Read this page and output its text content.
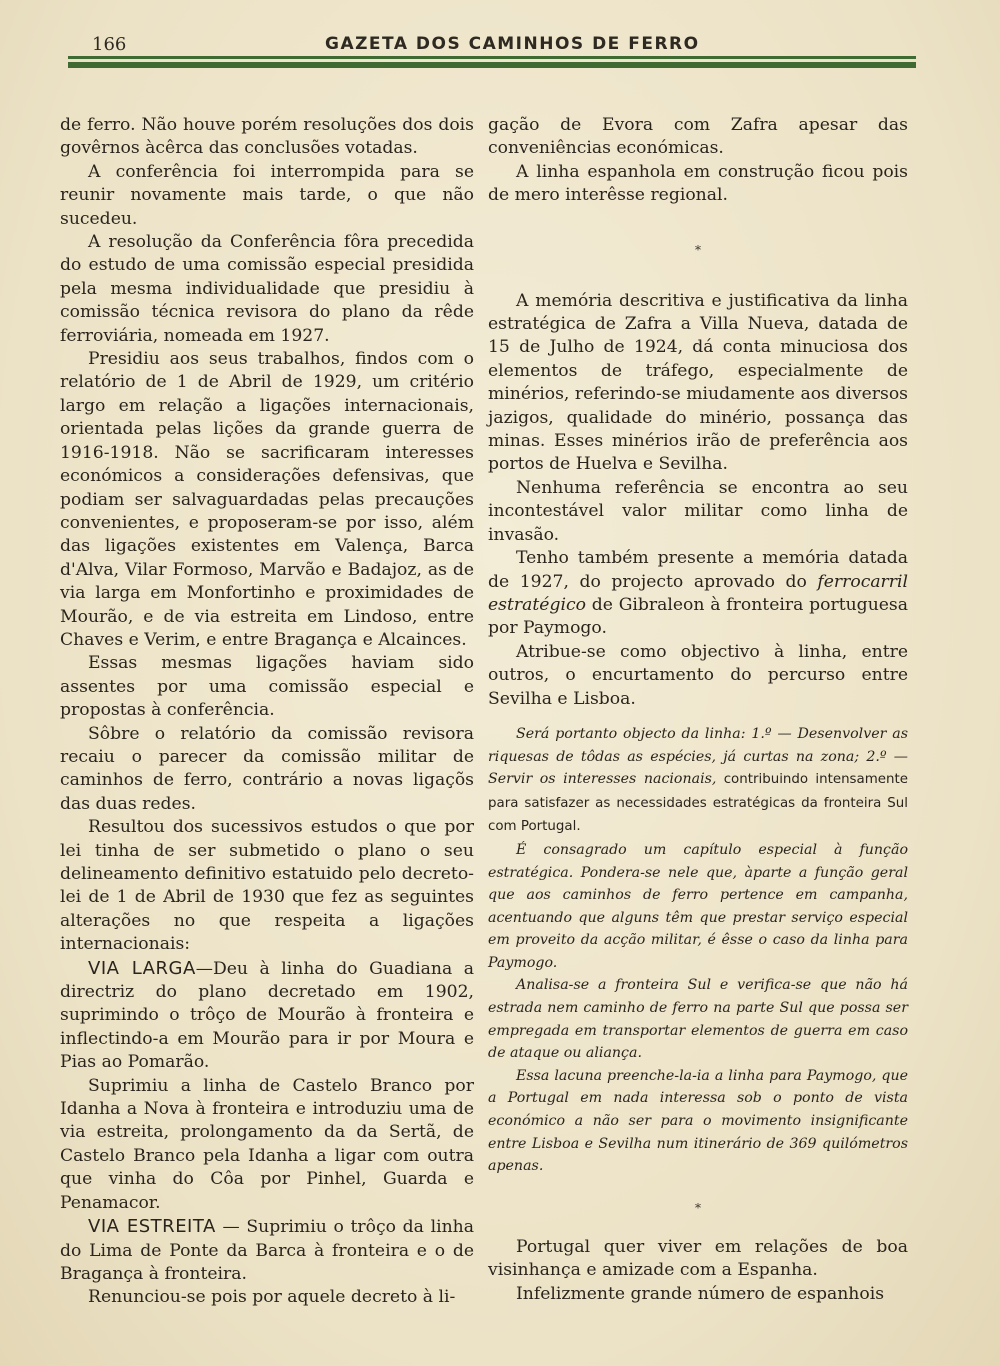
166	GAZETA DOS CAMINHOS DE FERRO

de ferro. Não houve porém resoluções dos dois govêrnos àcêrca das conclusões votadas.

A conferência foi interrompida para se reunir novamente mais tarde, o que não sucedeu.

A resolução da Conferência fôra precedida do estudo de uma comissão especial presidida pela mesma individualidade que presidiu à comissão técnica revisora do plano da rêde ferroviária, nomeada em 1927.

Presidiu aos seus trabalhos, findos com o relatório de 1 de Abril de 1929, um critério largo em relação a ligações internacionais, orientada pelas lições da grande guerra de 1916-1918. Não se sacrificaram interesses económicos a considerações defensivas, que podiam ser salvaguardadas pelas precauções convenientes, e proposeram-se por isso, além das ligações existentes em Valença, Barca d'Alva, Vilar Formoso, Marvão e Badajoz, as de via larga em Monfortinho e proximidades de Mourão, e de via estreita em Lindoso, entre Chaves e Verim, e entre Bragança e Alcainces.

Essas mesmas ligações haviam sido assentes por uma comissão especial e propostas à conferência.

Sôbre o relatório da comissão revisora recaiu o parecer da comissão militar de caminhos de ferro, contrário a novas ligaçõs das duas redes.

Resultou dos sucessivos estudos o que por lei tinha de ser submetido o plano o seu delineamento definitivo estatuido pelo decreto-lei de 1 de Abril de 1930 que fez as seguintes alterações no que respeita a ligações internacionais:

VIA LARGA—Deu à linha do Guadiana a directriz do plano decretado em 1902, suprimindo o trôço de Mourão à fronteira e inflectindo-a em Mourão para ir por Moura e Pias ao Pomarão.

Suprimiu a linha de Castelo Branco por Idanha a Nova à fronteira e introduziu uma de via estreita, prolongamento da da Sertã, de Castelo Branco pela Idanha a ligar com outra que vinha do Côa por Pinhel, Guarda e Penamacor.

VIA ESTREITA — Suprimiu o trôço da linha do Lima de Ponte da Barca à fronteira e o de Bragança à fronteira.

Renunciou-se pois por aquele decreto à li-

gação de Evora com Zafra apesar das conveniências económicas.

A linha espanhola em construção ficou pois de mero interêsse regional.

*

A memória descritiva e justificativa da linha estratégica de Zafra a Villa Nueva, datada de 15 de Julho de 1924, dá conta minuciosa dos elementos de tráfego, especialmente de minérios, referindo-se miudamente aos diversos jazigos, qualidade do minério, possança das minas. Esses minérios irão de preferência aos portos de Huelva e Sevilha.

Nenhuma referência se encontra ao seu incontestável valor militar como linha de invasão.

Tenho também presente a memória datada de 1927, do projecto aprovado do ferrocarril estratégico de Gibraleon à fronteira portuguesa por Paymogo.

Atribue-se como objectivo à linha, entre outros, o encurtamento do percurso entre Sevilha e Lisboa.

Será portanto objecto da linha: 1.º — Desenvolver as riquesas de tôdas as espécies, já curtas na zona; 2.º — Servir os interesses nacionais, contribuindo intensamente para satisfazer as necessidades estratégicas da fronteira Sul com Portugal.

É consagrado um capítulo especial à função estratégica. Pondera-se nele que, àparte a função geral que aos caminhos de ferro pertence em campanha, acentuando que alguns têm que prestar serviço especial em proveito da acção militar, é êsse o caso da linha para Paymogo.

Analisa-se a fronteira Sul e verifica-se que não há estrada nem caminho de ferro na parte Sul que possa ser empregada em transportar elementos de guerra em caso de ataque ou aliança.

Essa lacuna preenche-la-ia a linha para Paymogo, que a Portugal em nada interessa sob o ponto de vista económico a não ser para o movimento insignificante entre Lisboa e Sevilha num itinerário de 369 quilómetros apenas.

*

Portugal quer viver em relações de boa visinhança e amizade com a Espanha.

Infelizmente grande número de espanhois
